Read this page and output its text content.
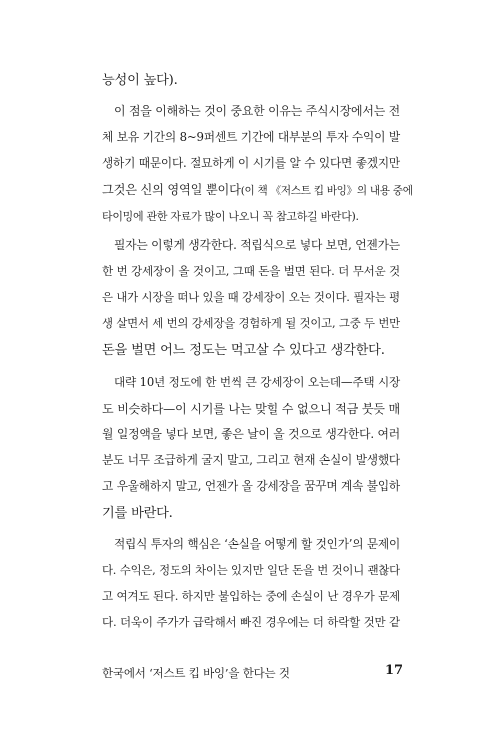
능성이 높다).
이 점을 이해하는 것이 중요한 이유는 주식시장에서는 전
체 보유 기간의 8~9퍼센트 기간에 대부분의 투자 수익이 발
생하기 때문이다. 절묘하게 이 시기를 알 수 있다면 좋겠지만
그것은 신의 영역일 뿐이다(이 책 《저스트 킵 바잉》의 내용 중에
타이밍에 관한 자료가 많이 나오니 꼭 참고하길 바란다).
필자는 이렇게 생각한다. 적립식으로 넣다 보면, 언젠가는
한 번 강세장이 올 것이고, 그때 돈을 벌면 된다. 더 무서운 것
은 내가 시장을 떠나 있을 때 강세장이 오는 것이다. 필자는 평
생 살면서 세 번의 강세장을 경험하게 될 것이고, 그중 두 번만
돈을 벌면 어느 정도는 먹고살 수 있다고 생각한다.
대략 10년 정도에 한 번씩 큰 강세장이 오는데—주택 시장
도 비슷하다—이 시기를 나는 맞힐 수 없으니 적금 붓듯 매
월 일정액을 넣다 보면, 좋은 날이 올 것으로 생각한다. 여러
분도 너무 조급하게 굴지 말고, 그리고 현재 손실이 발생했다
고 우울해하지 말고, 언젠가 올 강세장을 꿈꾸며 계속 불입하
기를 바란다.
적립식 투자의 핵심은 ‘손실을 어떻게 할 것인가’의 문제이
다. 수익은, 정도의 차이는 있지만 일단 돈을 번 것이니 괜찮다
고 여겨도 된다. 하지만 불입하는 중에 손실이 난 경우가 문제
다. 더욱이 주가가 급락해서 빠진 경우에는 더 하락할 것만 같
한국에서 ‘저스트 킵 바잉’을 한다는 것	17
